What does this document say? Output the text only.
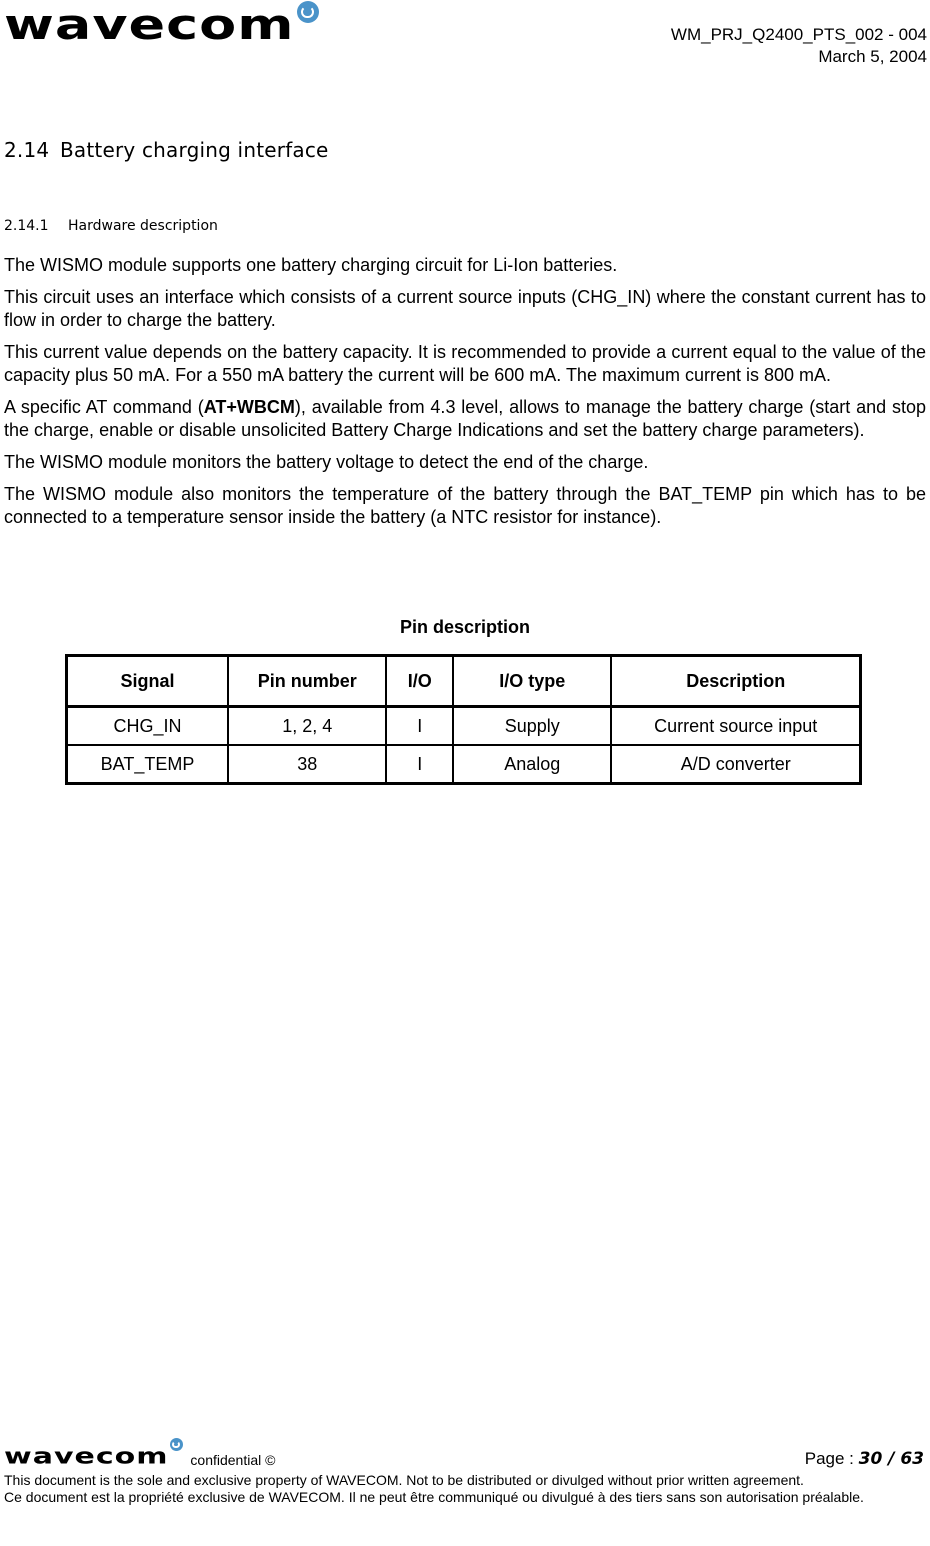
wavecom	WM_PRJ_Q2400_PTS_002 - 004
March 5, 2004
2.14 Battery charging interface
2.14.1 Hardware description

The WISMO module supports one battery charging circuit for Li-Ion batteries.

This circuit uses an interface which consists of a current source inputs (CHG_IN) where the constant current has to flow in order to charge the battery.

This current value depends on the battery capacity. It is recommended to provide a current equal to the value of the capacity plus 50 mA. For a 550 mA battery the current will be 600 mA. The maximum current is 800 mA.

A specific AT command (AT+WBCM), available from 4.3 level, allows to manage the battery charge (start and stop the charge, enable or disable unsolicited Battery Charge Indications and set the battery charge parameters).

The WISMO module monitors the battery voltage to detect the end of the charge.

The WISMO module also monitors the temperature of the battery through the BAT_TEMP pin which has to be connected to a temperature sensor inside the battery (a NTC resistor for instance).

Pin description
Signal	Pin number	I/O	I/O type	Description
CHG_IN	1, 2, 4	I	Supply	Current source input
BAT_TEMP	38	I	Analog	A/D converter
wavecom confidential ©	Page : 30 / 63

This document is the sole and exclusive property of WAVECOM. Not to be distributed or divulged without prior written agreement.

Ce document est la propriété exclusive de WAVECOM. Il ne peut être communiqué ou divulgué à des tiers sans son autorisation préalable.
